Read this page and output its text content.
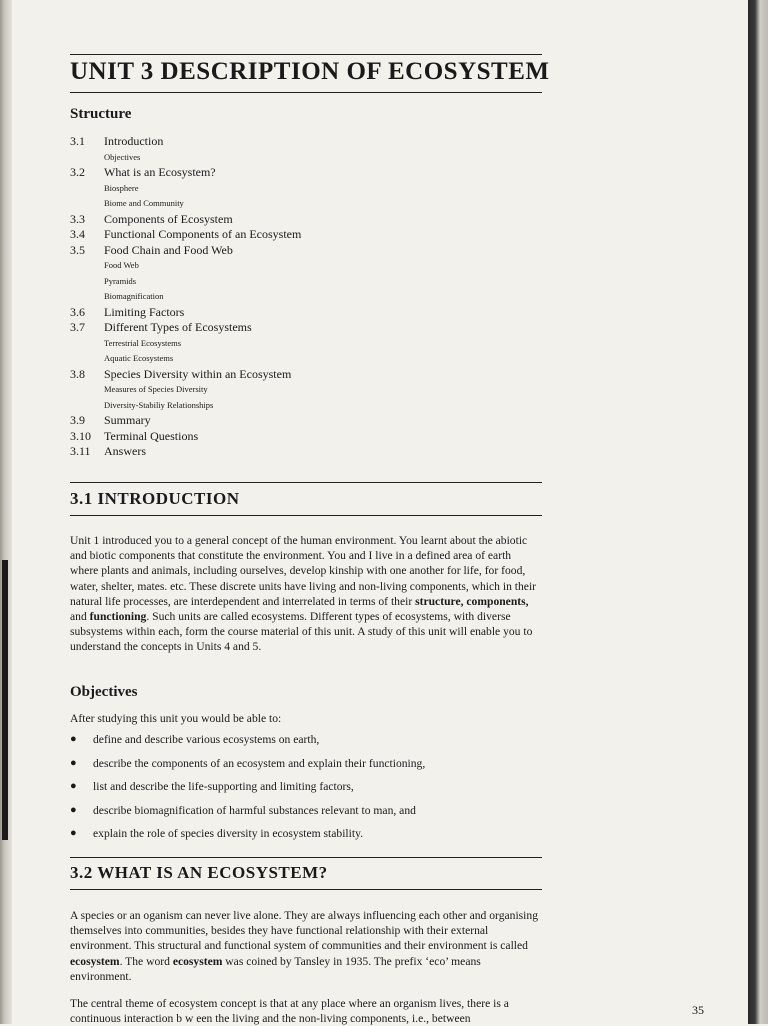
UNIT 3 DESCRIPTION OF ECOSYSTEM
Structure
3.1	Introduction
Objectives
3.2	What is an Ecosystem?
Biosphere
Biome and Community
3.3	Components of Ecosystem
3.4	Functional Components of an Ecosystem
3.5	Food Chain and Food Web
Food Web
Pyramids
Biomagnification
3.6	Limiting Factors
3.7	Different Types of Ecosystems
Terrestrial Ecosystems
Aquatic Ecosystems
3.8	Species Diversity within an Ecosystem
Measures of Species Diversity
Diversity-Stabiliy Relationships
3.9	Summary
3.10	Terminal Questions
3.11	Answers
3.1 INTRODUCTION

Unit 1 introduced you to a general concept of the human environment. You learnt about the abiotic and biotic components that constitute the environment. You and I live in a defined area of earth where plants and animals, including ourselves, develop kinship with one another for life, for food, water, shelter, mates. etc. These discrete units have living and non-living components, which in their natural life processes, are interdependent and interrelated in terms of their structure, components, and functioning. Such units are called ecosystems. Different types of ecosystems, with diverse subsystems within each, form the course material of this unit. A study of this unit will enable you to understand the concepts in Units 4 and 5.

Objectives

After studying this unit you would be able to:

●	define and describe various ecosystems on earth,
●	describe the components of an ecosystem and explain their functioning,
●	list and describe the life-supporting and limiting factors,
●	describe biomagnification of harmful substances relevant to man, and
●	explain the role of species diversity in ecosystem stability.
3.2 WHAT IS AN ECOSYSTEM?

A species or an oganism can never live alone. They are always influencing each other and organising themselves into communities, besides they have functional relationship with their external environment. This structural and functional system of communities and their environment is called ecosystem. The word ecosystem was coined by Tansley in 1935. The prefix ‘eco’ means environment.

The central theme of ecosystem concept is that at any place where an organism lives, there is a continuous interaction b w een the living and the non-living components, i.e., between

35
